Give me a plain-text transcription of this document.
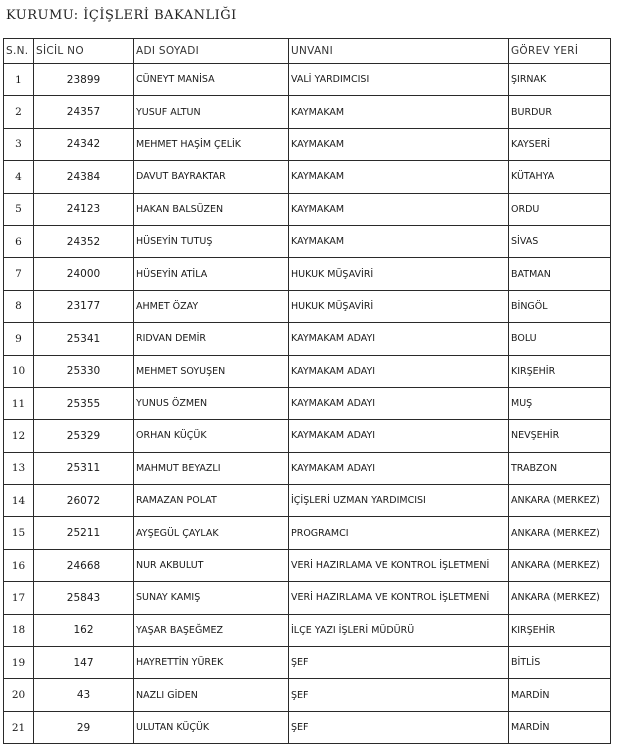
KURUMU: İÇİŞLERİ BAKANLIĞI
S.N.	SİCİL NO	ADI SOYADI	UNVANI	GÖREV YERİ
1	23899	CÜNEYT MANİSA	VALİ YARDIMCISI	ŞIRNAK
2	24357	YUSUF ALTUN	KAYMAKAM	BURDUR
3	24342	MEHMET HAŞİM ÇELİK	KAYMAKAM	KAYSERİ
4	24384	DAVUT BAYRAKTAR	KAYMAKAM	KÜTAHYA
5	24123	HAKAN BALSÜZEN	KAYMAKAM	ORDU
6	24352	HÜSEYİN TUTUŞ	KAYMAKAM	SİVAS
7	24000	HÜSEYİN ATİLA	HUKUK MÜŞAVİRİ	BATMAN
8	23177	AHMET ÖZAY	HUKUK MÜŞAVİRİ	BİNGÖL
9	25341	RIDVAN DEMİR	KAYMAKAM ADAYI	BOLU
10	25330	MEHMET SOYUŞEN	KAYMAKAM ADAYI	KIRŞEHİR
11	25355	YUNUS ÖZMEN	KAYMAKAM ADAYI	MUŞ
12	25329	ORHAN KÜÇÜK	KAYMAKAM ADAYI	NEVŞEHİR
13	25311	MAHMUT BEYAZLI	KAYMAKAM ADAYI	TRABZON
14	26072	RAMAZAN POLAT	İÇİŞLERİ UZMAN YARDIMCISI	ANKARA (MERKEZ)
15	25211	AYŞEGÜL ÇAYLAK	PROGRAMCI	ANKARA (MERKEZ)
16	24668	NUR AKBULUT	VERİ HAZIRLAMA VE KONTROL İŞLETMENİ	ANKARA (MERKEZ)
17	25843	SUNAY KAMIŞ	VERİ HAZIRLAMA VE KONTROL İŞLETMENİ	ANKARA (MERKEZ)
18	162	YAŞAR BAŞEĞMEZ	İLÇE YAZI İŞLERİ MÜDÜRÜ	KIRŞEHİR
19	147	HAYRETTİN YÜREK	ŞEF	BİTLİS
20	43	NAZLI GİDEN	ŞEF	MARDİN
21	29	ULUTAN KÜÇÜK	ŞEF	MARDİN
